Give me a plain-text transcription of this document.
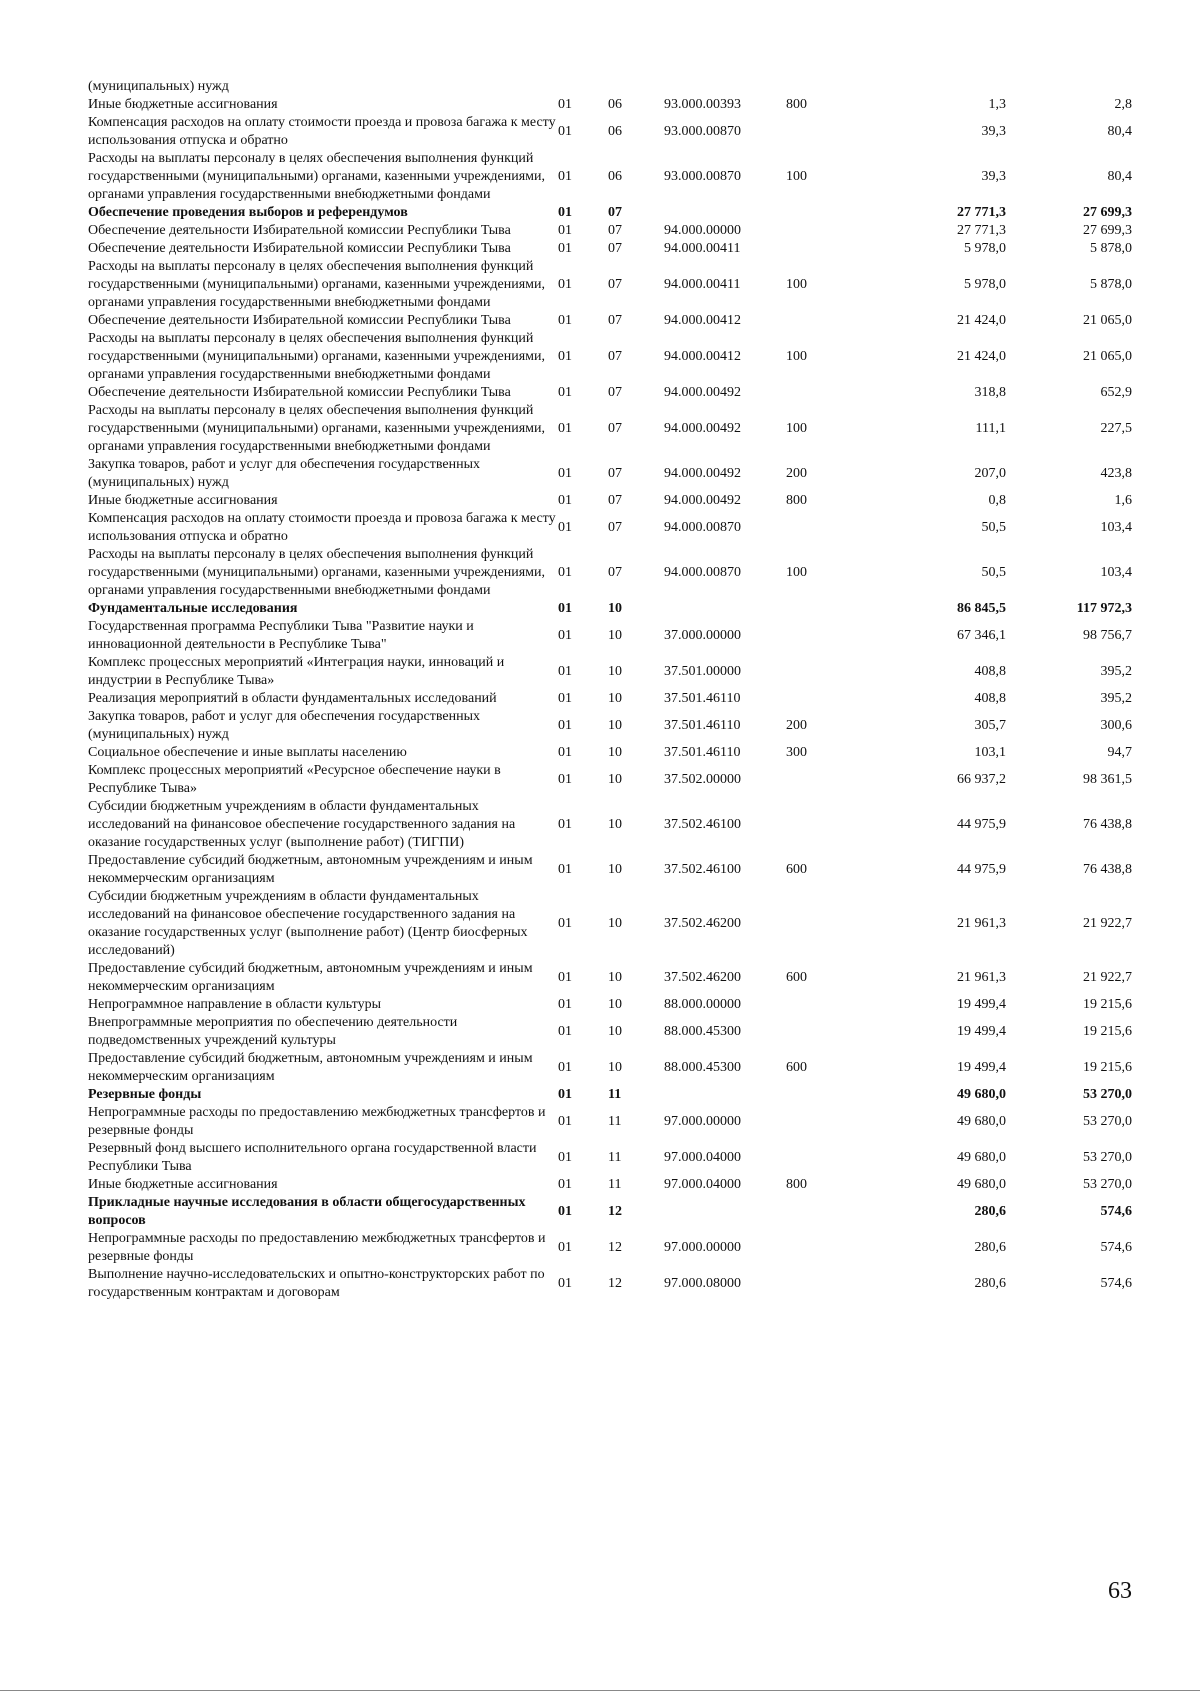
(муниципальных) нужд						
Иные бюджетные ассигнования	01	06	93.000.00393	800	1,3	2,8
Компенсация расходов на оплату стоимости проезда и провоза багажа к месту использования отпуска и обратно	01	06	93.000.00870		39,3	80,4
Расходы на выплаты персоналу в целях обеспечения выполнения функций государственными (муниципальными) органами, казенными учреждениями, органами управления государственными внебюджетными фондами	01	06	93.000.00870	100	39,3	80,4
Обеспечение проведения выборов и референдумов	01	07			27 771,3	27 699,3
Обеспечение деятельности Избирательной комиссии Республики Тыва	01	07	94.000.00000		27 771,3	27 699,3
Обеспечение деятельности Избирательной комиссии Республики Тыва	01	07	94.000.00411		5 978,0	5 878,0
Расходы на выплаты персоналу в целях обеспечения выполнения функций государственными (муниципальными) органами, казенными учреждениями, органами управления государственными внебюджетными фондами	01	07	94.000.00411	100	5 978,0	5 878,0
Обеспечение деятельности Избирательной комиссии Республики Тыва	01	07	94.000.00412		21 424,0	21 065,0
Расходы на выплаты персоналу в целях обеспечения выполнения функций государственными (муниципальными) органами, казенными учреждениями, органами управления государственными внебюджетными фондами	01	07	94.000.00412	100	21 424,0	21 065,0
Обеспечение деятельности Избирательной комиссии Республики Тыва	01	07	94.000.00492		318,8	652,9
Расходы на выплаты персоналу в целях обеспечения выполнения функций государственными (муниципальными) органами, казенными учреждениями, органами управления государственными внебюджетными фондами	01	07	94.000.00492	100	111,1	227,5
Закупка товаров, работ и услуг для обеспечения государственных (муниципальных) нужд	01	07	94.000.00492	200	207,0	423,8
Иные бюджетные ассигнования	01	07	94.000.00492	800	0,8	1,6
Компенсация расходов на оплату стоимости проезда и провоза багажа к месту использования отпуска и обратно	01	07	94.000.00870		50,5	103,4
Расходы на выплаты персоналу в целях обеспечения выполнения функций государственными (муниципальными) органами, казенными учреждениями, органами управления государственными внебюджетными фондами	01	07	94.000.00870	100	50,5	103,4
Фундаментальные исследования	01	10			86 845,5	117 972,3
Государственная программа Республики Тыва "Развитие науки и инновационной деятельности в Республике Тыва"	01	10	37.000.00000		67 346,1	98 756,7
Комплекс процессных мероприятий «Интеграция науки, инноваций и индустрии в Республике Тыва»	01	10	37.501.00000		408,8	395,2
Реализация мероприятий в области фундаментальных исследований	01	10	37.501.46110		408,8	395,2
Закупка товаров, работ и услуг для обеспечения государственных (муниципальных) нужд	01	10	37.501.46110	200	305,7	300,6
Социальное обеспечение и иные выплаты населению	01	10	37.501.46110	300	103,1	94,7
Комплекс процессных мероприятий «Ресурсное обеспечение науки в Республике Тыва»	01	10	37.502.00000		66 937,2	98 361,5
Субсидии бюджетным учреждениям в области фундаментальных исследований на финансовое обеспечение государственного задания на оказание государственных услуг (выполнение работ) (ТИГПИ)	01	10	37.502.46100		44 975,9	76 438,8
Предоставление субсидий бюджетным, автономным учреждениям и иным некоммерческим организациям	01	10	37.502.46100	600	44 975,9	76 438,8
Субсидии бюджетным учреждениям в области фундаментальных исследований на финансовое обеспечение государственного задания на оказание государственных услуг (выполнение работ) (Центр биосферных исследований)	01	10	37.502.46200		21 961,3	21 922,7
Предоставление субсидий бюджетным, автономным учреждениям и иным некоммерческим организациям	01	10	37.502.46200	600	21 961,3	21 922,7
Непрограммное направление в области культуры	01	10	88.000.00000		19 499,4	19 215,6
Внепрограммные мероприятия по обеспечению деятельности подведомственных учреждений культуры	01	10	88.000.45300		19 499,4	19 215,6
Предоставление субсидий бюджетным, автономным учреждениям и иным некоммерческим организациям	01	10	88.000.45300	600	19 499,4	19 215,6
Резервные фонды	01	11			49 680,0	53 270,0
Непрограммные расходы по предоставлению межбюджетных трансфертов и резервные фонды	01	11	97.000.00000		49 680,0	53 270,0
Резервный фонд высшего исполнительного органа государственной власти Республики Тыва	01	11	97.000.04000		49 680,0	53 270,0
Иные бюджетные ассигнования	01	11	97.000.04000	800	49 680,0	53 270,0
Прикладные научные исследования в области общегосударственных вопросов	01	12			280,6	574,6
Непрограммные расходы по предоставлению межбюджетных трансфертов и резервные фонды	01	12	97.000.00000		280,6	574,6
Выполнение научно-исследовательских и опытно-конструкторских работ по государственным контрактам и договорам	01	12	97.000.08000		280,6	574,6
63
